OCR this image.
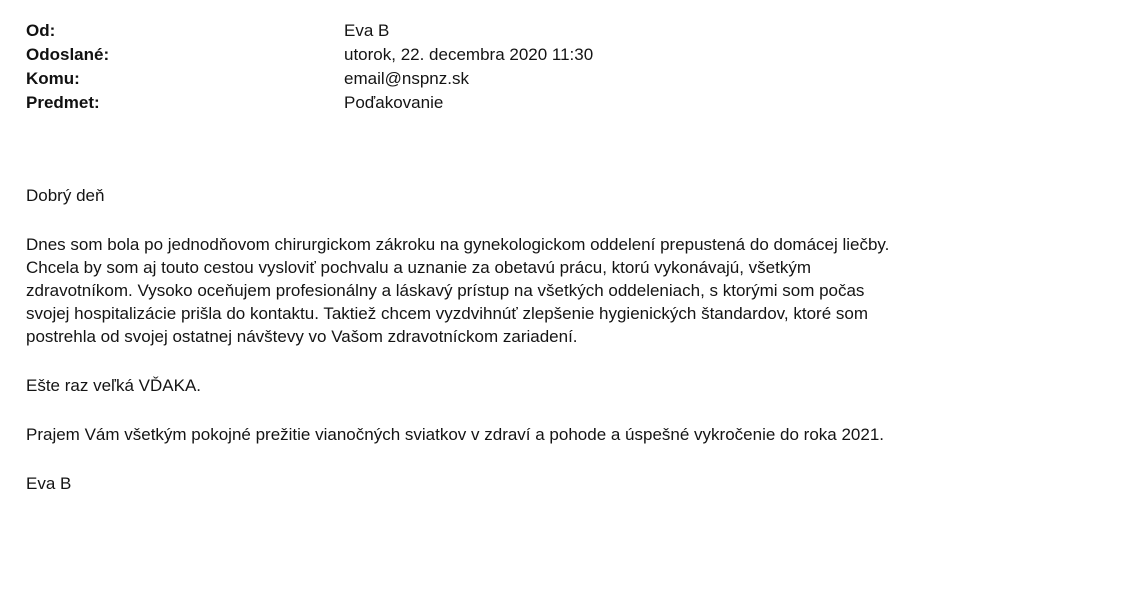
Od:	Eva B
Odoslané:	utorok, 22. decembra 2020 11:30
Komu:	email@nspnz.sk
Predmet:	Poďakovanie

Dobrý deň

Dnes som bola po jednodňovom chirurgickom zákroku na gynekologickom oddelení prepustená do domácej liečby.
Chcela by som aj touto cestou vysloviť pochvalu a uznanie za obetavú prácu, ktorú vykonávajú, všetkým
zdravotníkom. Vysoko oceňujem profesionálny a láskavý prístup na všetkých oddeleniach, s ktorými som počas
svojej hospitalizácie prišla do kontaktu. Taktiež chcem vyzdvihnúť zlepšenie hygienických štandardov, ktoré som
postrehla od svojej ostatnej návštevy vo Vašom zdravotníckom zariadení.

Ešte raz veľká VĎAKA.

Prajem Vám všetkým pokojné prežitie vianočných sviatkov v zdraví a pohode a úspešné vykročenie do roka 2021.

Eva B
